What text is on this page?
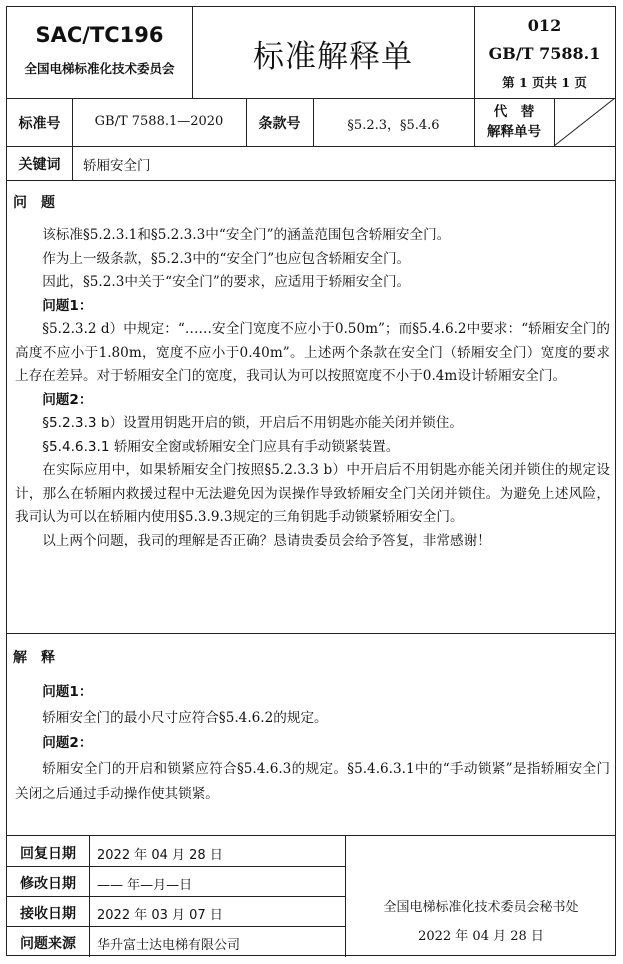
SAC/TC196
全国电梯标准化技术委员会	标准解释单
012
GB/T 7588.1
第 1 页共 1 页
标准号	GB/T 7588.1—2020	条款号	§5.2.3，§5.4.6
代　替
解释单号
关键词	轿厢安全门
问　题

该标准§5.2.3.1和§5.2.3.3中“安全门”的涵盖范围包含轿厢安全门。

作为上一级条款，§5.2.3中的“安全门”也应包含轿厢安全门。

因此，§5.2.3中关于“安全门”的要求，应适用于轿厢安全门。

问题1：

§5.2.3.2 d）中规定：“……安全门宽度不应小于0.50m”；而§5.4.6.2中要求：“轿厢安全门的高度不应小于1.80m，宽度不应小于0.40m”。上述两个条款在安全门（轿厢安全门）宽度的要求上存在差异。对于轿厢安全门的宽度，我司认为可以按照宽度不小于0.4m设计轿厢安全门。

问题2：

§5.2.3.3 b）设置用钥匙开启的锁，开启后不用钥匙亦能关闭并锁住。

§5.4.6.3.1 轿厢安全窗或轿厢安全门应具有手动锁紧装置。

在实际应用中，如果轿厢安全门按照§5.2.3.3 b）中开启后不用钥匙亦能关闭并锁住的规定设计，那么在轿厢内救援过程中无法避免因为误操作导致轿厢安全门关闭并锁住。为避免上述风险，我司认为可以在轿厢内使用§5.3.9.3规定的三角钥匙手动锁紧轿厢安全门。

以上两个问题，我司的理解是否正确？恳请贵委员会给予答复，非常感谢！

解　释

问题1：

轿厢安全门的最小尺寸应符合§5.4.6.2的规定。

问题2：

轿厢安全门的开启和锁紧应符合§5.4.6.3的规定。§5.4.6.3.1中的“手动锁紧”是指轿厢安全门关闭之后通过手动操作使其锁紧。

回复日期	2022 年 04 月 28 日
修改日期	—— 年—月—日
接收日期	2022 年 03 月 07 日
问题来源	华升富士达电梯有限公司
全国电梯标准化技术委员会秘书处
2022 年 04 月 28 日
